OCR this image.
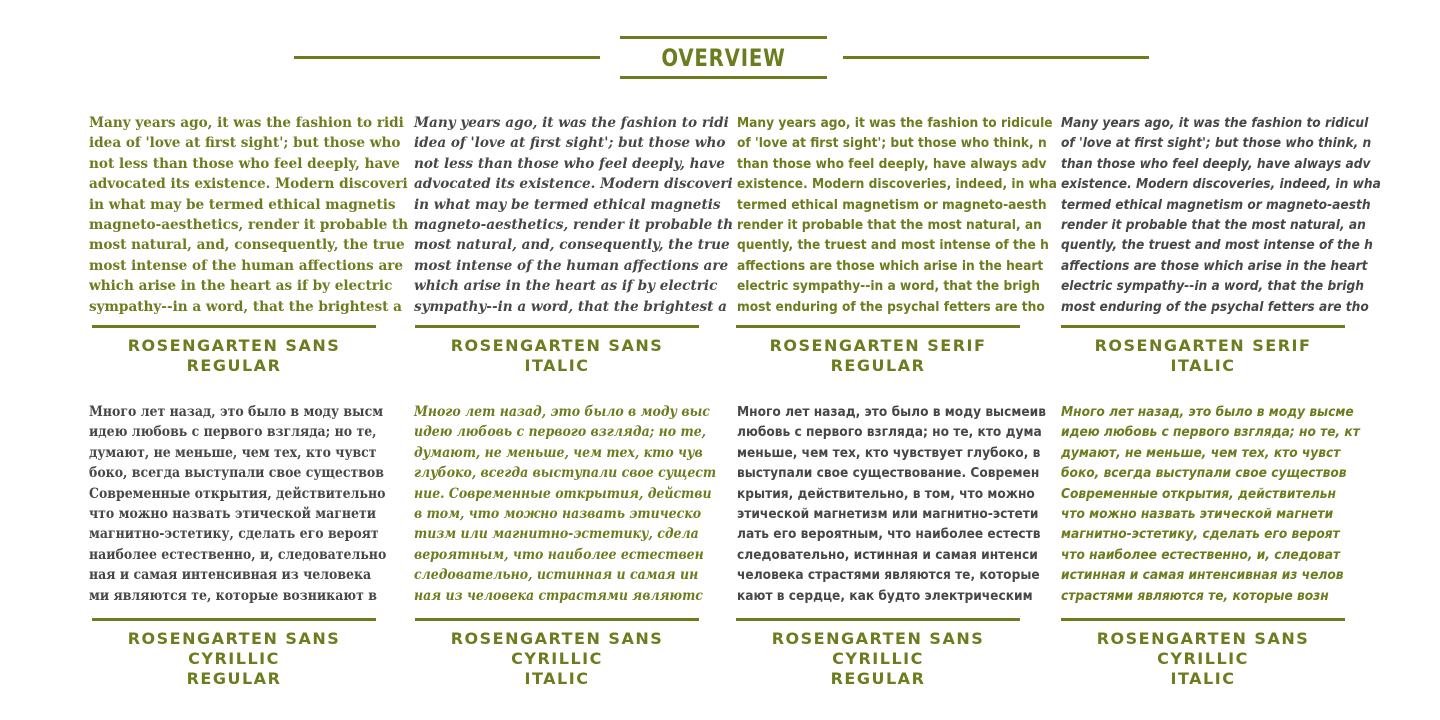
OVERVIEW
Many years ago, it was the fashion to ridi
idea of 'love at first sight'; but those who
not less than those who feel deeply, have
advocated its existence. Modern discoveri
in what may be termed ethical magnetis
magneto-aesthetics, render it probable th
most natural, and, consequently, the true
most intense of the human affections are
which arise in the heart as if by electric
sympathy--in a word, that the brightest a
Many years ago, it was the fashion to ridi
idea of 'love at first sight'; but those who
not less than those who feel deeply, have
advocated its existence. Modern discoveri
in what may be termed ethical magnetis
magneto-aesthetics, render it probable th
most natural, and, consequently, the true
most intense of the human affections are
which arise in the heart as if by electric
sympathy--in a word, that the brightest a
Many years ago, it was the fashion to ridicule
of 'love at first sight'; but those who think, n
than those who feel deeply, have always adv
existence. Modern discoveries, indeed, in wha
termed ethical magnetism or magneto-aesth
render it probable that the most natural, an
quently, the truest and most intense of the h
affections are those which arise in the heart
electric sympathy--in a word, that the brigh
most enduring of the psychal fetters are tho
Many years ago, it was the fashion to ridicul
of 'love at first sight'; but those who think, n
than those who feel deeply, have always adv
existence. Modern discoveries, indeed, in wha
termed ethical magnetism or magneto-aesth
render it probable that the most natural, an
quently, the truest and most intense of the h
affections are those which arise in the heart
electric sympathy--in a word, that the brigh
most enduring of the psychal fetters are tho
ROSENGARTEN SANS
REGULAR
ROSENGARTEN SANS
ITALIC
ROSENGARTEN SERIF
REGULAR
ROSENGARTEN SERIF
ITALIC
Много лет назад, это было в моду высм
идею любовь с первого взгляда; но те,
думают, не меньше, чем тех, кто чувст
боко, всегда выступали свое существов
Современные открытия, действительно
что можно назвать этической магнети
магнитно-эстетику, сделать его вероят
наиболее естественно, и, следовательно
ная и самая интенсивная из человека
ми являются те, которые возникают в
Много лет назад, это было в моду выс
идею любовь с первого взгляда; но те,
думают, не меньше, чем тех, кто чув
глубоко, всегда выступали свое сущест
ние. Современные открытия, действи
в том, что можно назвать этическо
тизм или магнитно-эстетику, сдела
вероятным, что наиболее естествен
следовательно, истинная и самая ин
ная из человека страстями являютс
Много лет назад, это было в моду высмеив
любовь с первого взгляда; но те, кто дума
меньше, чем тех, кто чувствует глубоко, в
выступали свое существование. Современ
крытия, действительно, в том, что можно
этической магнетизм или магнитно-эстети
лать его вероятным, что наиболее естеств
следовательно, истинная и самая интенси
человека страстями являются те, которые
кают в сердце, как будто электрическим
Много лет назад, это было в моду высме
идею любовь с первого взгляда; но те, кт
думают, не меньше, чем тех, кто чувст
боко, всегда выступали свое существов
Современные открытия, действительн
что можно назвать этической магнети
магнитно-эстетику, сделать его вероят
что наиболее естественно, и, следоват
истинная и самая интенсивная из челов
страстями являются те, которые возн
ROSENGARTEN SANS CYRILLIC
REGULAR
ROSENGARTEN SANS CYRILLIC
ITALIC
ROSENGARTEN SANS CYRILLIC
REGULAR
ROSENGARTEN SANS CYRILLIC
ITALIC
